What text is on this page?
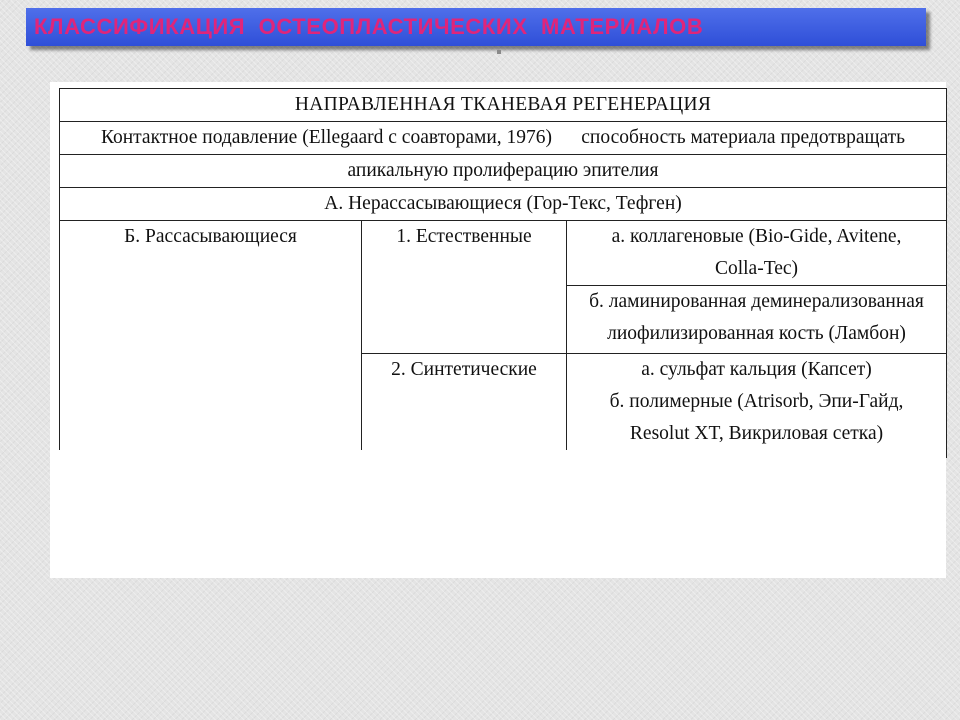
КЛАССИФИКАЦИЯ  ОСТЕОПЛАСТИЧЕСКИХ  МАТЕРИАЛОВ
НАПРАВЛЕННАЯ ТКАНЕВАЯ РЕГЕНЕРАЦИЯ		
Контактное подавление (Ellegaard с соавторами, 1976)      способность материала предотвращать		
апикальную пролиферацию эпителия		
А. Нерассасывающиеся (Гор-Текс, Тефген)		
Б. Рассасывающиеся	1. Естественные	а. коллагеновые (Bio-Gide, Avitene,
Colla-Tec)

		б. ламинированная деминерализованная
лиофилизированная кость (Ламбон)

	2. Синтетические	а. сульфат кальция (Капсет)
б. полимерные (Atrisorb, Эпи-Гайд,
Resolut XT, Викриловая сетка)
